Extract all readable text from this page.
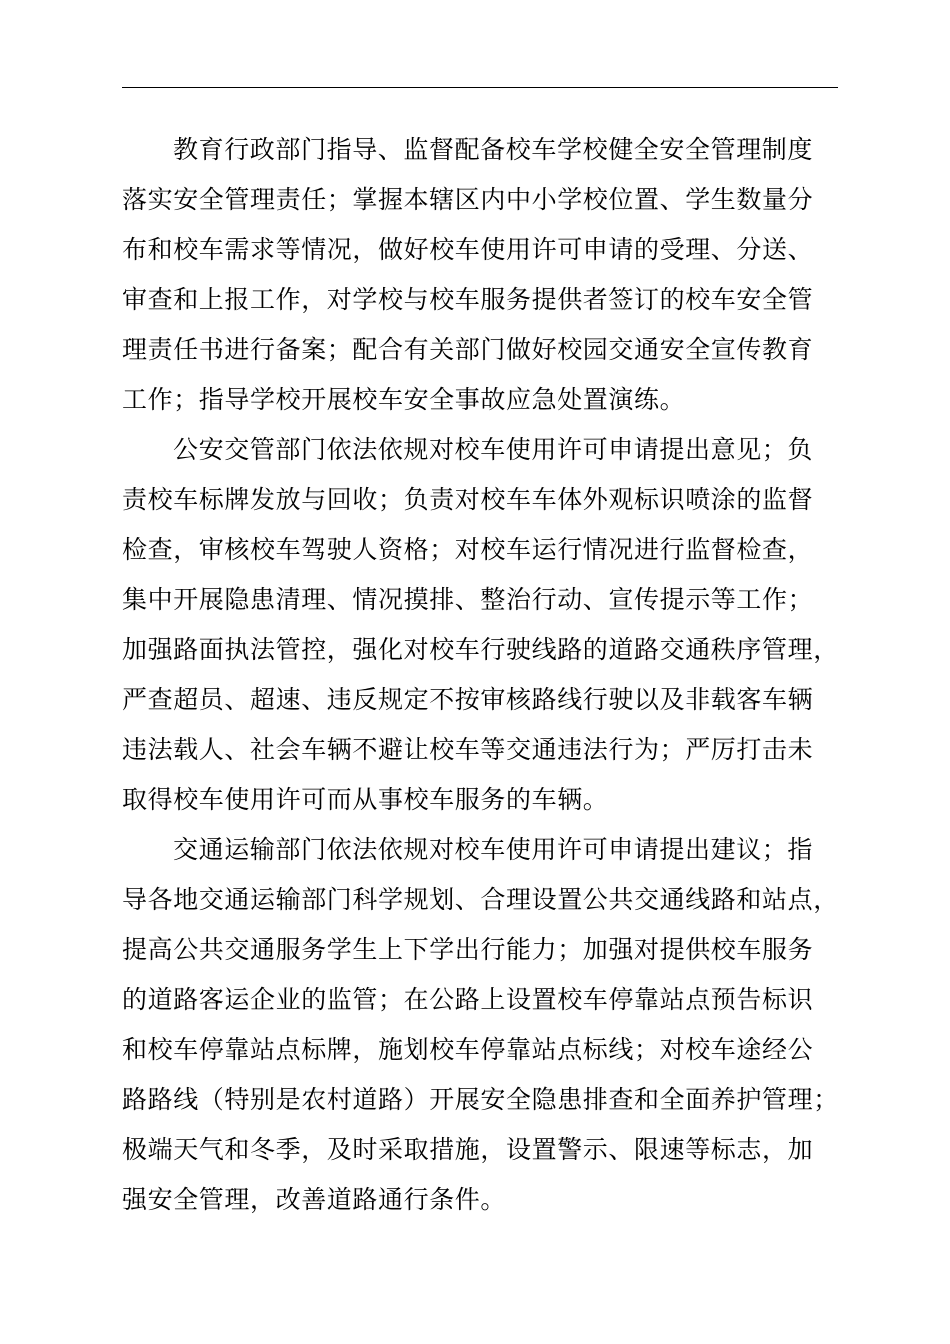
教育行政部门指导、监督配备校车学校健全安全管理制度
落实安全管理责任；掌握本辖区内中小学校位置、学生数量分
布和校车需求等情况，做好校车使用许可申请的受理、分送、
审查和上报工作，对学校与校车服务提供者签订的校车安全管
理责任书进行备案；配合有关部门做好校园交通安全宣传教育
工作；指导学校开展校车安全事故应急处置演练。
公安交管部门依法依规对校车使用许可申请提出意见；负
责校车标牌发放与回收；负责对校车车体外观标识喷涂的监督
检查，审核校车驾驶人资格；对校车运行情况进行监督检查，
集中开展隐患清理、情况摸排、整治行动、宣传提示等工作；
加强路面执法管控，强化对校车行驶线路的道路交通秩序管理，
严查超员、超速、违反规定不按审核路线行驶以及非载客车辆
违法载人、社会车辆不避让校车等交通违法行为；严厉打击未
取得校车使用许可而从事校车服务的车辆。
交通运输部门依法依规对校车使用许可申请提出建议；指
导各地交通运输部门科学规划、合理设置公共交通线路和站点，
提高公共交通服务学生上下学出行能力；加强对提供校车服务
的道路客运企业的监管；在公路上设置校车停靠站点预告标识
和校车停靠站点标牌，施划校车停靠站点标线；对校车途经公
路路线（特别是农村道路）开展安全隐患排查和全面养护管理；
极端天气和冬季，及时采取措施，设置警示、限速等标志，加
强安全管理，改善道路通行条件。
